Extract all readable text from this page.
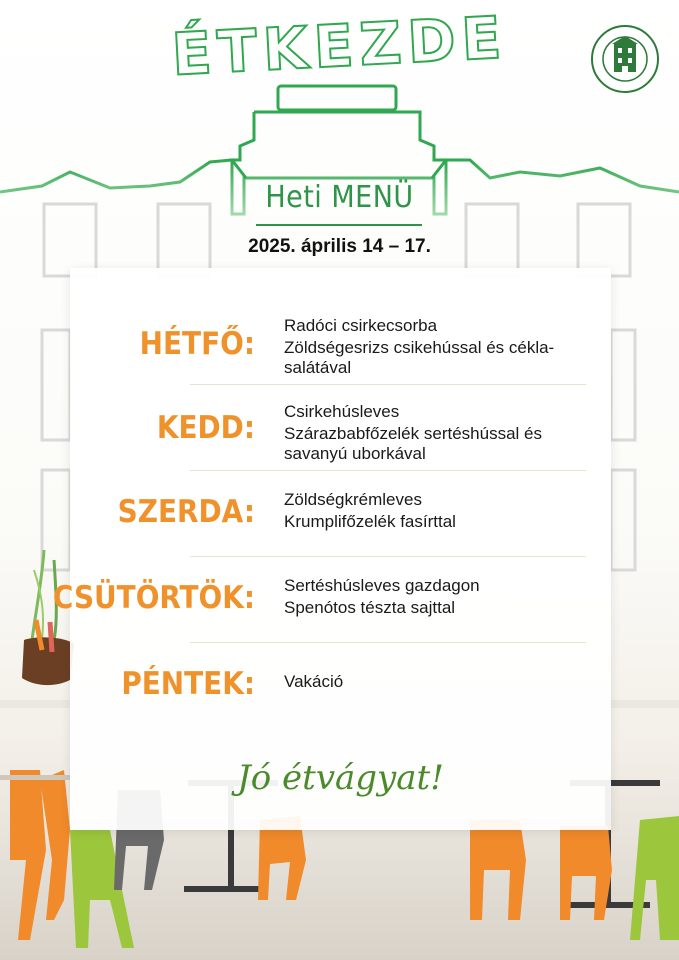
ÉTKEZDE
Heti MENÜ
2025. április 14 – 17.
HÉTFŐ:
Radóci csirkecsorba
Zöldségesrizs csikehússal és cékla-salátával
KEDD: Csirkehúsleves
Szárazbabfőzelék sertéshússal és savanyú uborkával
SZERDA: Zöldségkrémleves
Krumplifőzelék fasírttal
CSÜTÖRTÖK: Sertéshúsleves gazdagon
Spenótos tészta sajttal
PÉNTEK: Vakáció
Jó étvágyat!
